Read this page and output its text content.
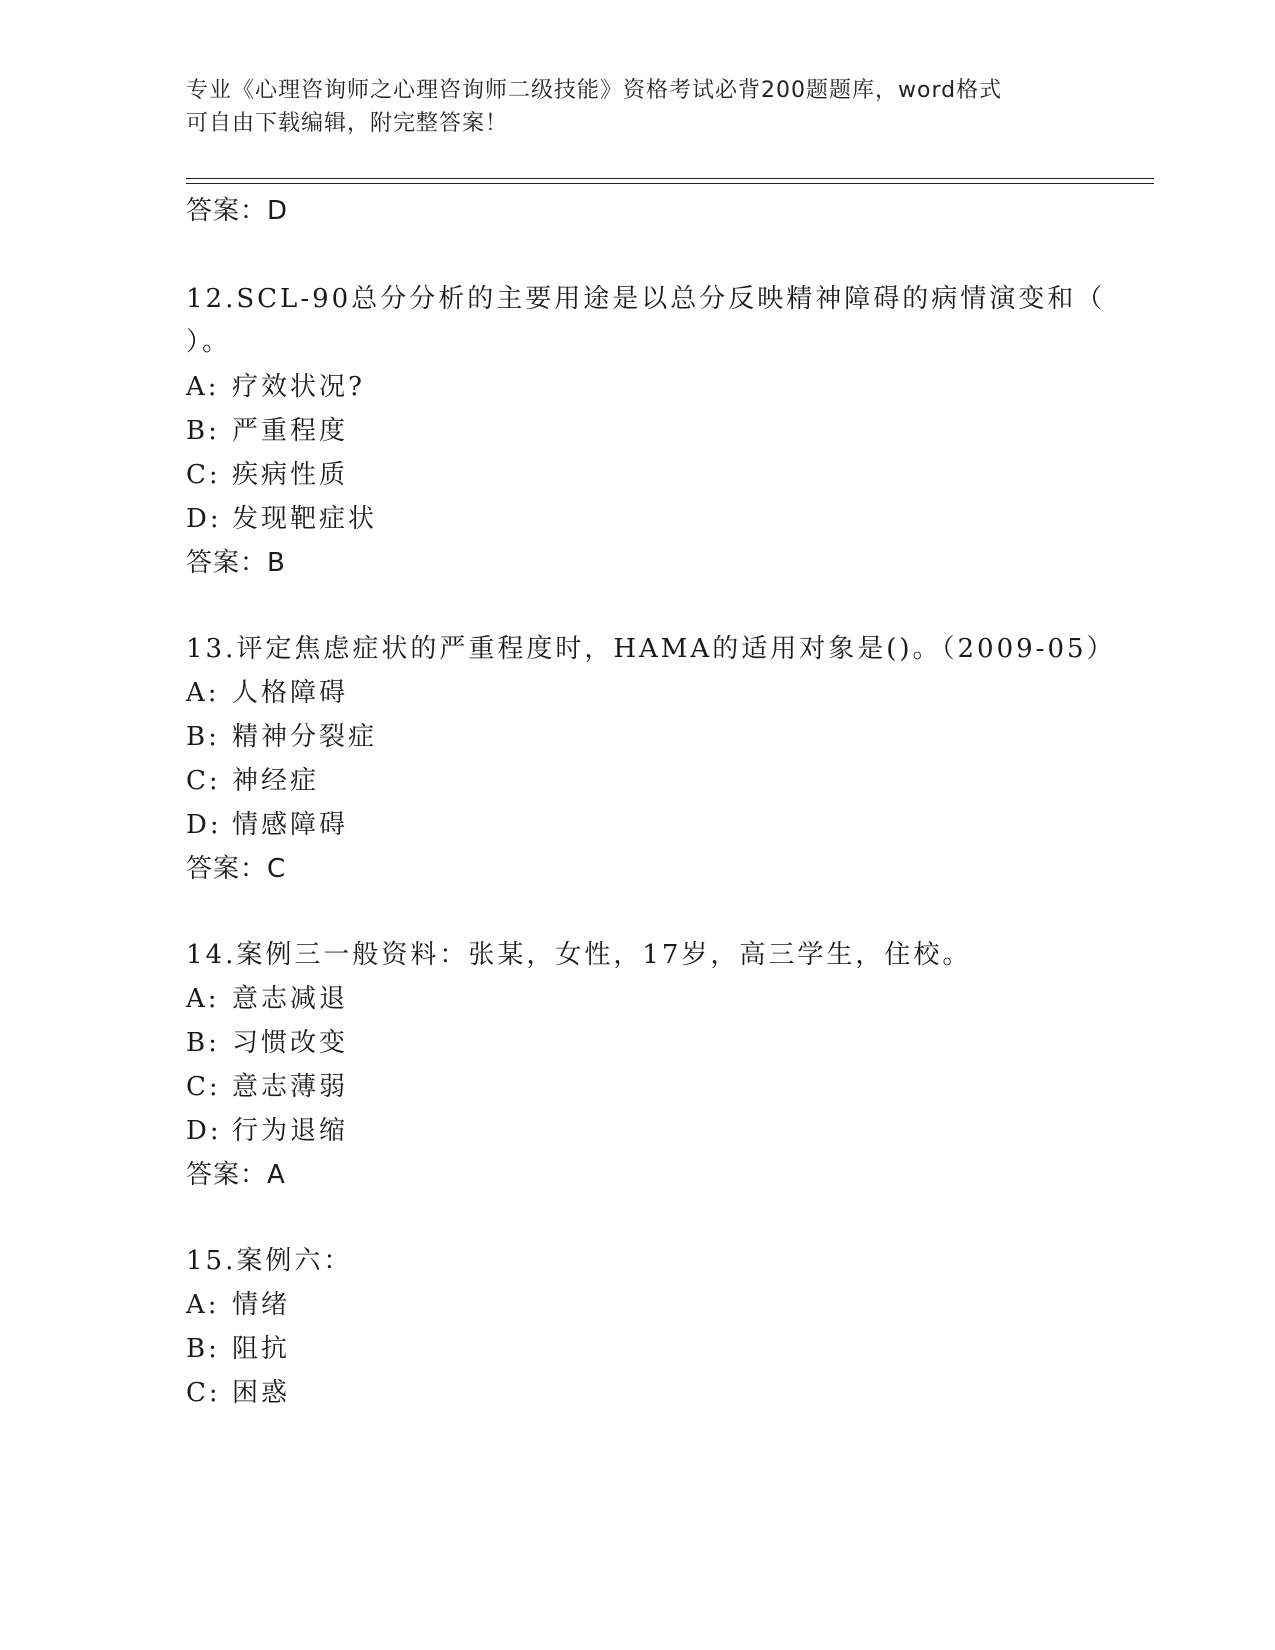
专业《心理咨询师之心理咨询师二级技能》资格考试必背200题题库，word格式
可自由下载编辑，附完整答案！
答案：D
12.SCL-90总分分析的主要用途是以总分反映精神障碍的病情演变和（
）。
A: 疗效状况?
B: 严重程度
C: 疾病性质
D: 发现靶症状
答案：B
13.评定焦虑症状的严重程度时，HAMA的适用对象是()。（2009-05）
A: 人格障碍
B: 精神分裂症
C: 神经症
D: 情感障碍
答案：C
14.案例三一般资料：张某，女性，17岁，高三学生，住校。
A: 意志减退
B: 习惯改变
C: 意志薄弱
D: 行为退缩
答案：A
15.案例六：
A: 情绪
B: 阻抗
C: 困惑
